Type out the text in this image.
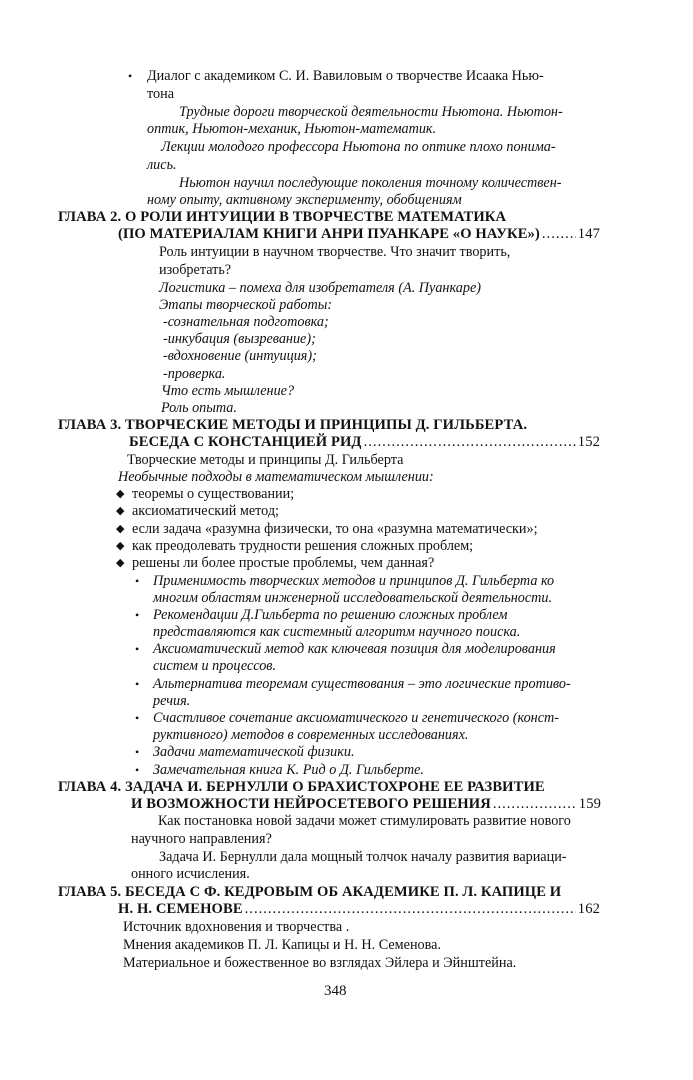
• Диалог с академиком С. И. Вавиловым о творчестве Исаака Нью-
тона
Трудные дороги творческой деятельности Ньютона. Ньютон-
оптик, Ньютон-механик, Ньютон-математик.
Лекции молодого профессора Ньютона по оптике плохо понима-
лись.
Ньютон научил последующие поколения точному количествен-
ному опыту, активному эксперименту, обобщениям
ГЛАВА 2. О РОЛИ ИНТУИЦИИ В ТВОРЧЕСТВЕ МАТЕМАТИКА
(ПО МАТЕРИАЛАМ КНИГИ АНРИ ПУАНКАРЕ «О НАУКЕ») .....	147
Роль интуиции в научном творчестве. Что значит творить,
изобретать?
Логистика – помеха для изобретателя (А. Пуанкаре)
Этапы творческой работы:
-сознательная подготовка;
-инкубация (вызревание);
-вдохновение (интуиция);
-проверка.
Что есть мышление?
Роль опыта.
ГЛАВА 3. ТВОРЧЕСКИЕ МЕТОДЫ И ПРИНЦИПЫ Д. ГИЛЬБЕРТА.
БЕСЕДА С КОНСТАНЦИЕЙ РИД .....	152
Творческие методы и принципы Д. Гильберта
Необычные подходы в математическом мышлении:
◆ теоремы о существовании;
◆ аксиоматический метод;
◆ если задача «разумна физически, то она «разумна математически»;
◆ как преодолевать трудности решения сложных проблем;
◆ решены ли более простые проблемы, чем данная?
• Применимость творческих методов и принципов Д. Гильберта ко
многим областям инженерной исследовательской деятельности.
• Рекомендации Д.Гильберта по решению сложных проблем
представляются как системный алгоритм научного поиска.
• Аксиоматический метод как ключевая позиция для моделирования
систем и процессов.
• Альтернатива теоремам существования – это логические противо-
речия.
• Счастливое сочетание аксиоматического и генетического (конст-
руктивного) методов в современных исследованиях.
• Задачи математической физики.
• Замечательная книга К. Рид о Д. Гильберте.
ГЛАВА 4. ЗАДАЧА И. БЕРНУЛЛИ О БРАХИСТОХРОНЕ ЕЕ РАЗВИТИЕ
И ВОЗМОЖНОСТИ НЕЙРОСЕТЕВОГО РЕШЕНИЯ .....	159
Как постановка новой задачи может стимулировать развитие нового
научного направления?
Задача И. Бернулли дала мощный толчок началу развития вариаци-
онного исчисления.
ГЛАВА 5. БЕСЕДА С Ф. КЕДРОВЫМ ОБ АКАДЕМИКЕ П. Л. КАПИЦЕ И
Н. Н. СЕМЕНОВЕ .....	162
Источник вдохновения и творчества .
Мнения академиков П. Л. Капицы и Н. Н. Семенова.
Материальное и божественное во взглядах Эйлера и Эйнштейна.
348
